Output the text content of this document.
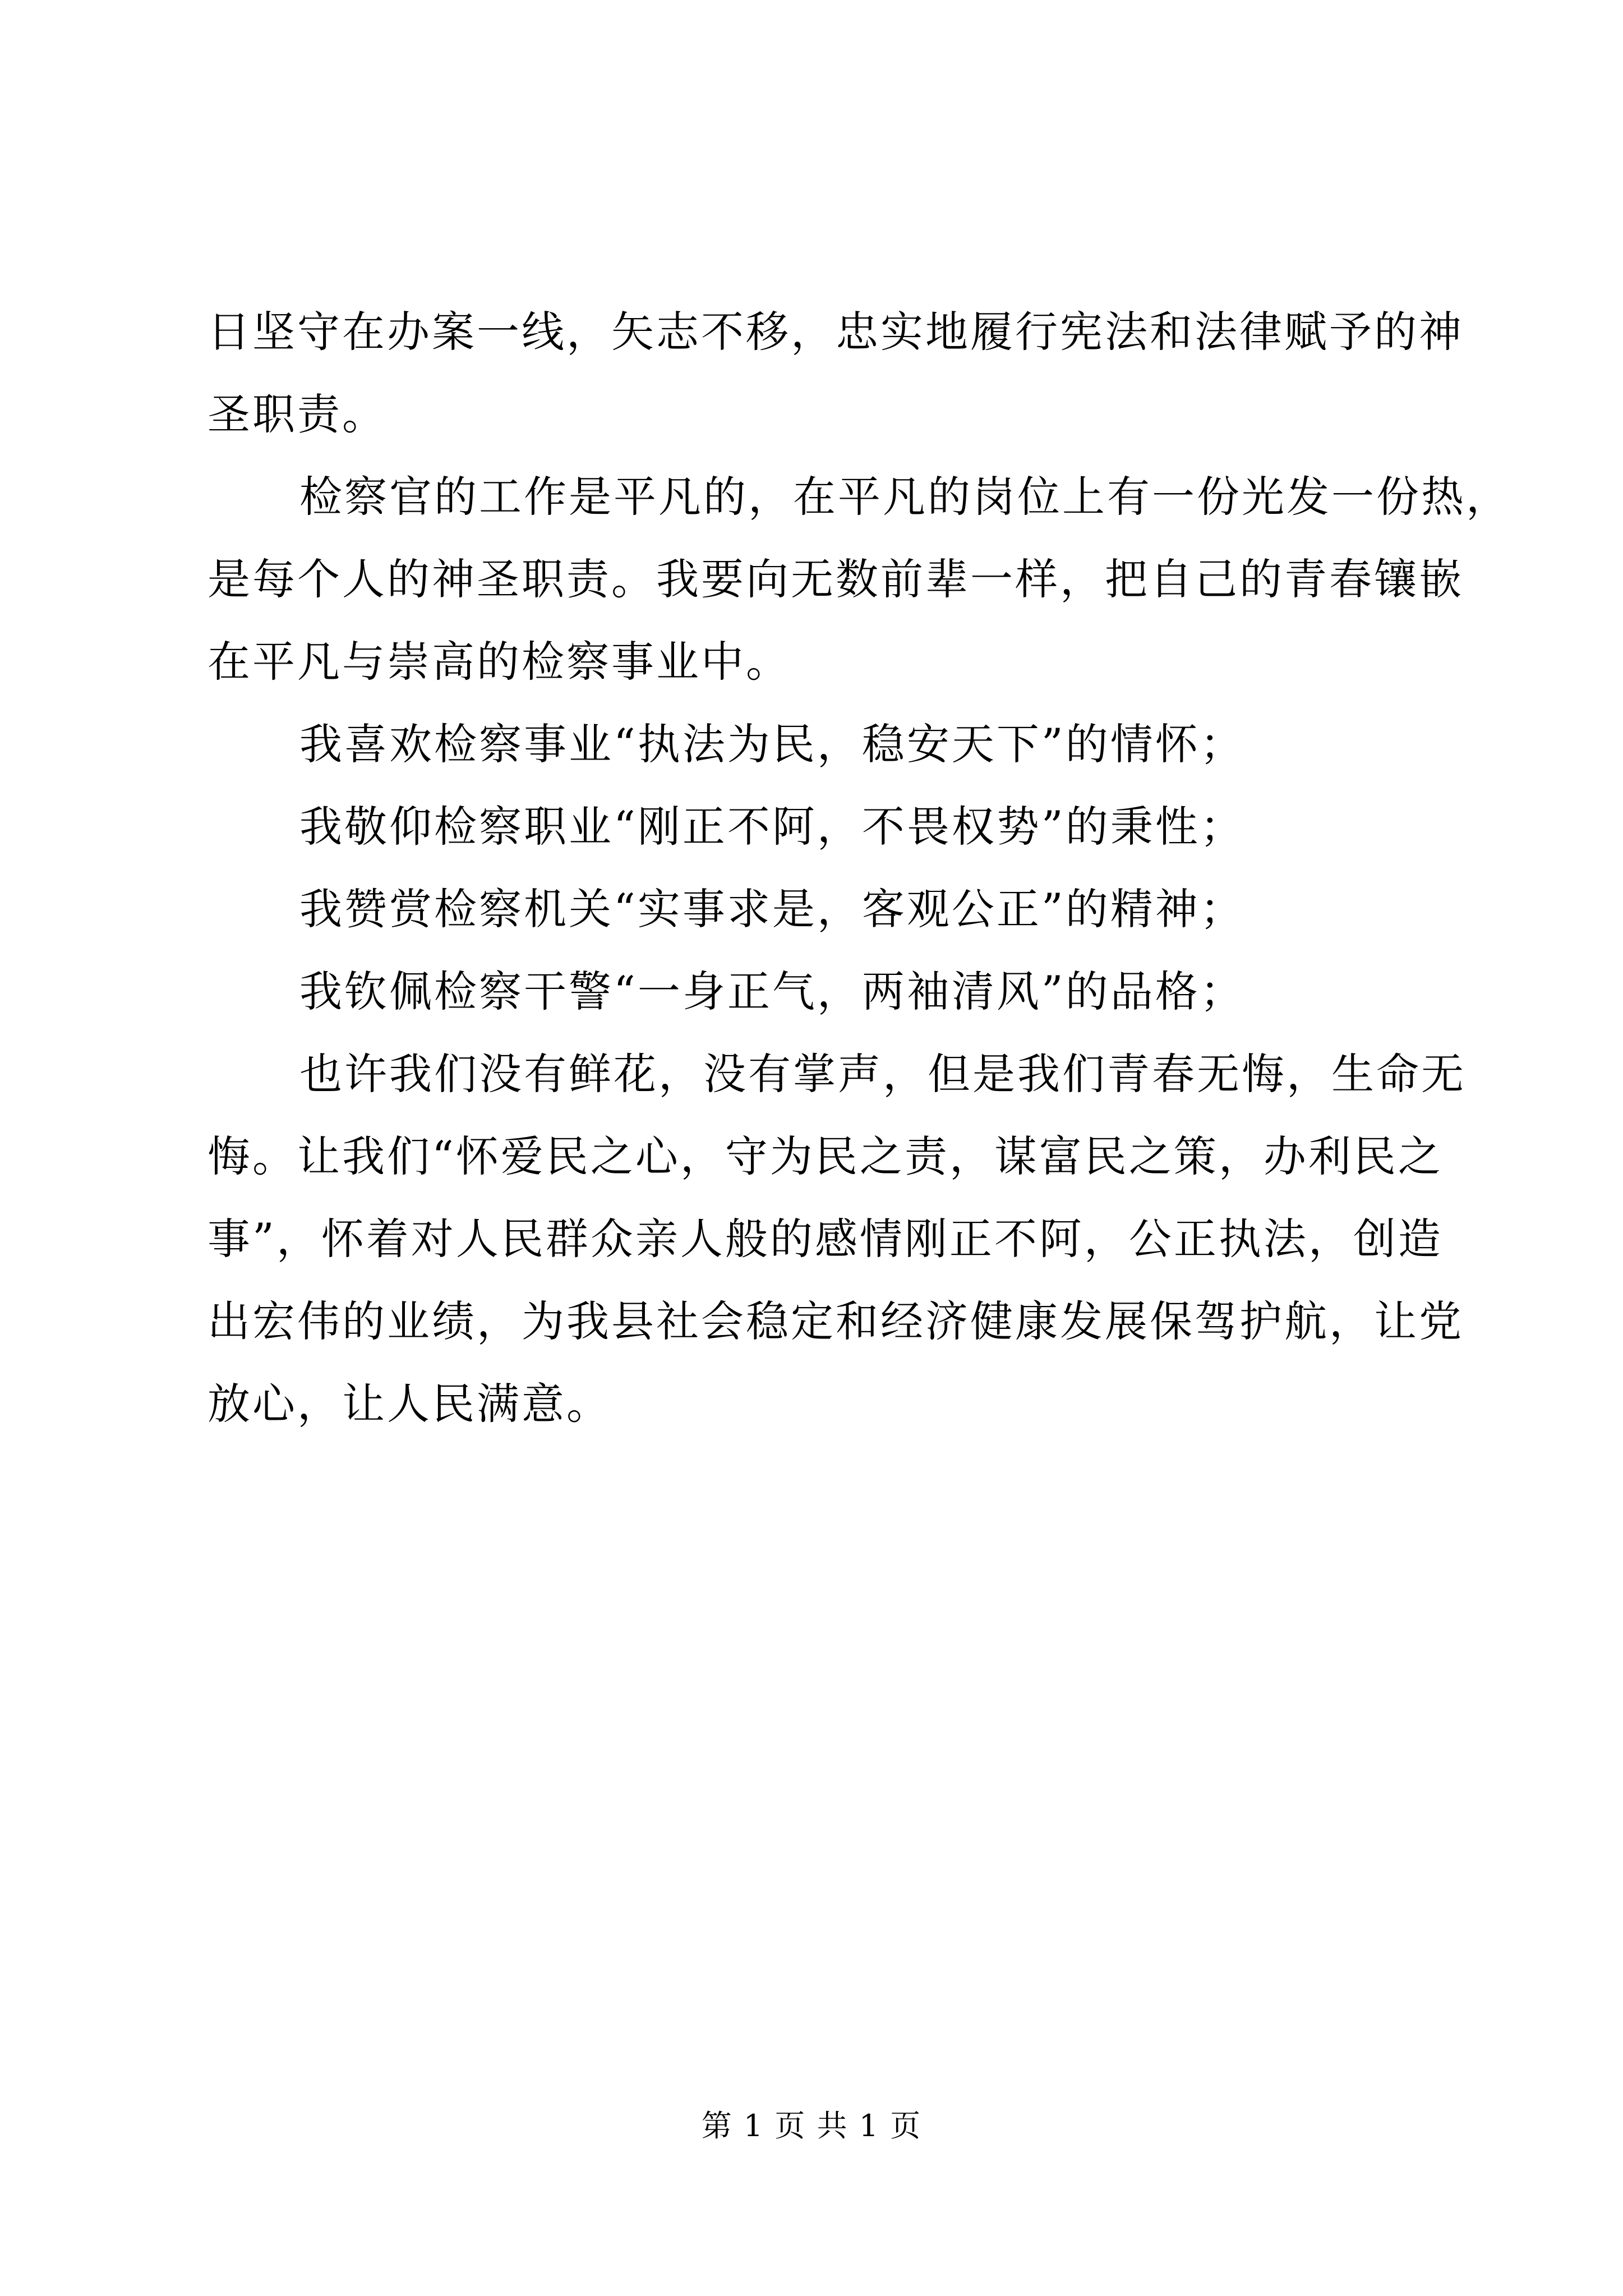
日坚守在办案一线，矢志不移，忠实地履行宪法和法律赋予的神
圣职责。
检察官的工作是平凡的，在平凡的岗位上有一份光发一份热，
是每个人的神圣职责。我要向无数前辈一样，把自己的青春镶嵌
在平凡与崇高的检察事业中。
我喜欢检察事业“执法为民，稳安天下”的情怀；
我敬仰检察职业“刚正不阿，不畏权势”的秉性；
我赞赏检察机关“实事求是，客观公正”的精神；
我钦佩检察干警“一身正气，两袖清风”的品格；
也许我们没有鲜花，没有掌声，但是我们青春无悔，生命无
悔。让我们“怀爱民之心，守为民之责，谋富民之策，办利民之
事”，怀着对人民群众亲人般的感情刚正不阿，公正执法，创造
出宏伟的业绩，为我县社会稳定和经济健康发展保驾护航，让党
放心，让人民满意。
第 1 页 共 1 页
